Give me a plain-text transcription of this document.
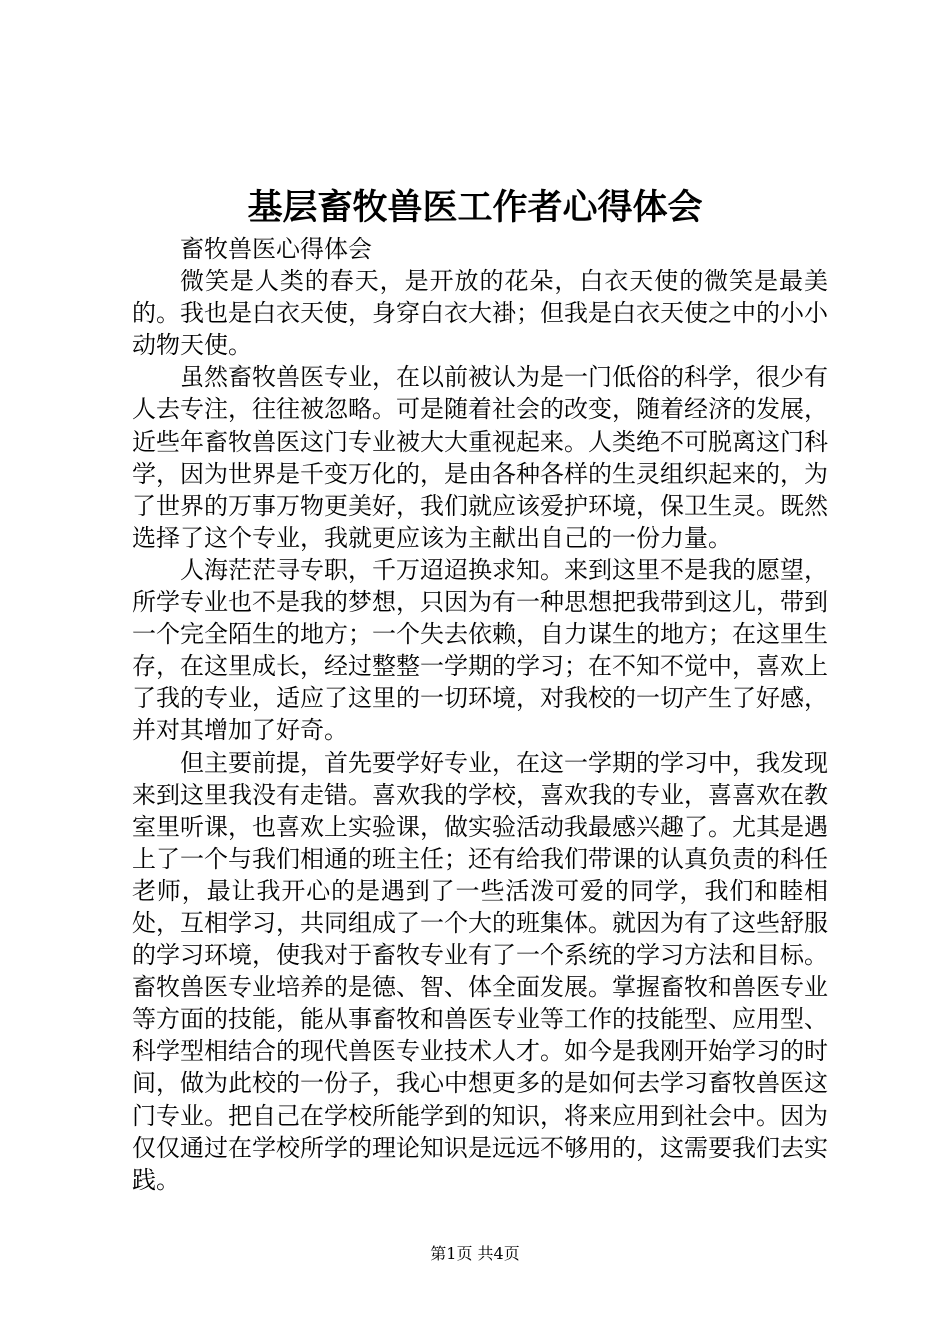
基层畜牧兽医工作者心得体会

畜牧兽医心得体会

微笑是人类的春天，是开放的花朵，白衣天使的微笑是最美的。我也是白衣天使，身穿白衣大褂；但我是白衣天使之中的小小动物天使。

虽然畜牧兽医专业，在以前被认为是一门低俗的科学，很少有人去专注，往往被忽略。可是随着社会的改变，随着经济的发展，近些年畜牧兽医这门专业被大大重视起来。人类绝不可脱离这门科学，因为世界是千变万化的，是由各种各样的生灵组织起来的，为了世界的万事万物更美好，我们就应该爱护环境，保卫生灵。既然选择了这个专业，我就更应该为主献出自己的一份力量。

人海茫茫寻专职，千万迢迢换求知。来到这里不是我的愿望，所学专业也不是我的梦想，只因为有一种思想把我带到这儿，带到一个完全陌生的地方；一个失去依赖，自力谋生的地方；在这里生存，在这里成长，经过整整一学期的学习；在不知不觉中，喜欢上了我的专业，适应了这里的一切环境，对我校的一切产生了好感，并对其增加了好奇。

但主要前提，首先要学好专业，在这一学期的学习中，我发现来到这里我没有走错。喜欢我的学校，喜欢我的专业，喜喜欢在教室里听课，也喜欢上实验课，做实验活动我最感兴趣了。尤其是遇上了一个与我们相通的班主任；还有给我们带课的认真负责的科任老师，最让我开心的是遇到了一些活泼可爱的同学，我们和睦相处，互相学习，共同组成了一个大的班集体。就因为有了这些舒服的学习环境，使我对于畜牧专业有了一个系统的学习方法和目标。畜牧兽医专业培养的是德、智、体全面发展。掌握畜牧和兽医专业等方面的技能，能从事畜牧和兽医专业等工作的技能型、应用型、科学型相结合的现代兽医专业技术人才。如今是我刚开始学习的时间，做为此校的一份子，我心中想更多的是如何去学习畜牧兽医这门专业。把自己在学校所能学到的知识，将来应用到社会中。因为仅仅通过在学校所学的理论知识是远远不够用的，这需要我们去实践。

第1页 共4页
